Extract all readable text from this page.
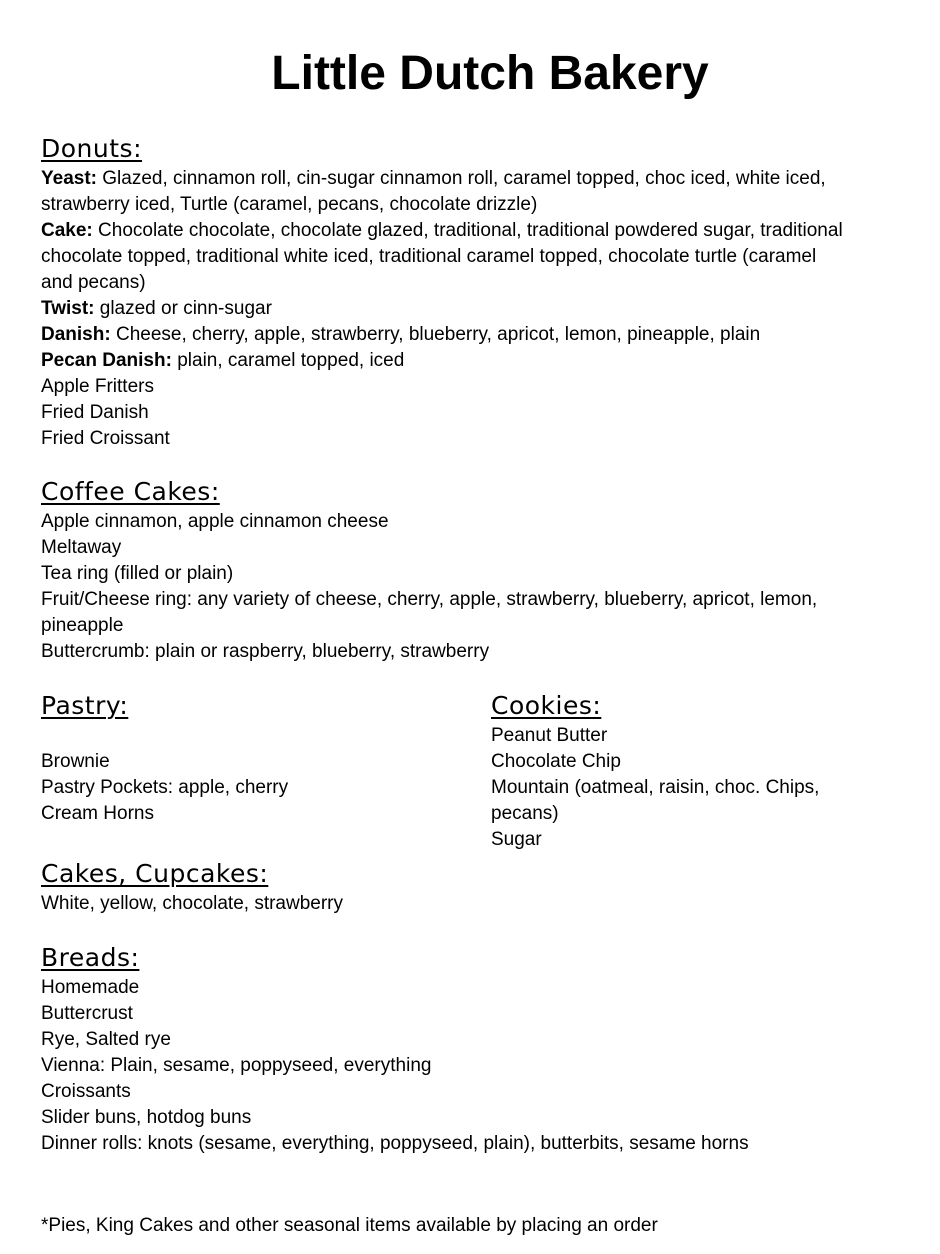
Little Dutch Bakery
Donuts:

Yeast: Glazed, cinnamon roll, cin-sugar cinnamon roll, caramel topped, choc iced, white iced,

strawberry iced, Turtle (caramel, pecans, chocolate drizzle)

Cake: Chocolate chocolate, chocolate glazed, traditional, traditional powdered sugar, traditional

chocolate topped, traditional white iced, traditional caramel topped, chocolate turtle (caramel

and pecans)

Twist: glazed or cinn-sugar

Danish: Cheese, cherry, apple, strawberry, blueberry, apricot, lemon, pineapple, plain

Pecan Danish: plain, caramel topped, iced

Apple Fritters

Fried Danish

Fried Croissant

Coffee Cakes:

Apple cinnamon, apple cinnamon cheese

Meltaway

Tea ring (filled or plain)

Fruit/Cheese ring: any variety of cheese, cherry, apple, strawberry, blueberry, apricot, lemon,

pineapple

Buttercrumb: plain or raspberry, blueberry, strawberry

Pastry:

Brownie

Pastry Pockets: apple, cherry

Cream Horns

Cookies:

Peanut Butter

Chocolate Chip

Mountain (oatmeal, raisin, choc. Chips,

pecans)

Sugar

Cakes, Cupcakes:

White, yellow, chocolate, strawberry

Breads:

Homemade

Buttercrust

Rye, Salted rye

Vienna: Plain, sesame, poppyseed, everything

Croissants

Slider buns, hotdog buns

Dinner rolls: knots (sesame, everything, poppyseed, plain), butterbits, sesame horns

*Pies, King Cakes and other seasonal items available by placing an order
